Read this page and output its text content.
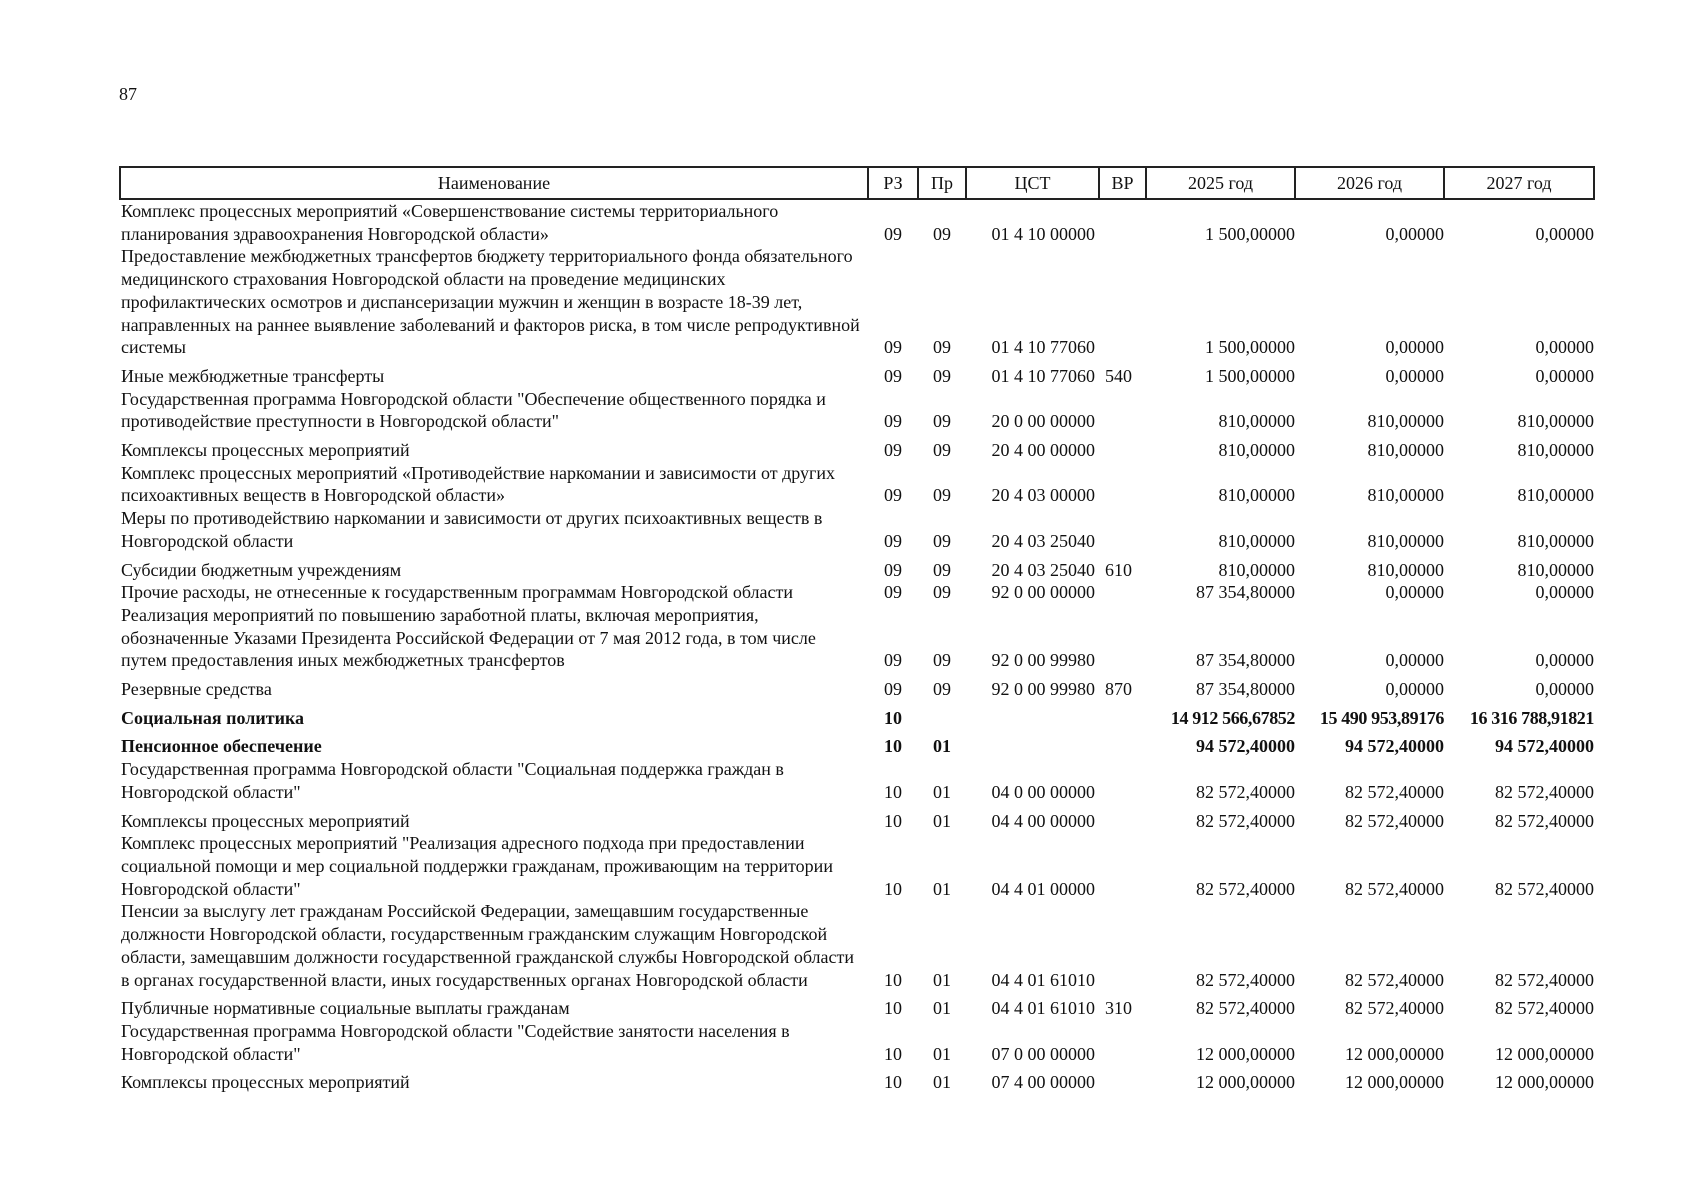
87
Наименование	РЗ	Пр	ЦСТ	ВР	2025 год	2026 год	2027 год
Комплекс процессных мероприятий «Совершенствование системы территориального планирования здравоохранения Новгородской области»	09	09	01 4 10 00000		1 500,00000	0,00000	0,00000
Предоставление межбюджетных трансфертов бюджету территориального фонда обязательного медицинского страхования Новгородской области на проведение медицинских профилактических осмотров и диспансеризации мужчин и женщин в возрасте 18-39 лет, направленных на раннее выявление заболеваний и факторов риска, в том числе репродуктивной системы	09	09	01 4 10 77060		1 500,00000	0,00000	0,00000
Иные межбюджетные трансферты	09	09	01 4 10 77060	540	1 500,00000	0,00000	0,00000
Государственная программа Новгородской области "Обеспечение общественного порядка и противодействие преступности в Новгородской области"	09	09	20 0 00 00000		810,00000	810,00000	810,00000
Комплексы процессных мероприятий	09	09	20 4 00 00000		810,00000	810,00000	810,00000
Комплекс процессных мероприятий «Противодействие наркомании и зависимости от других психоактивных веществ в Новгородской области»	09	09	20 4 03 00000		810,00000	810,00000	810,00000
Меры по противодействию наркомании и зависимости от других психоактивных веществ в Новгородской области	09	09	20 4 03 25040		810,00000	810,00000	810,00000
Субсидии бюджетным учреждениям	09	09	20 4 03 25040	610	810,00000	810,00000	810,00000
Прочие расходы, не отнесенные к государственным программам Новгородской области	09	09	92 0 00 00000		87 354,80000	0,00000	0,00000
Реализация мероприятий по повышению заработной платы, включая мероприятия, обозначенные Указами Президента Российской Федерации от 7 мая 2012 года, в том числе путем предоставления иных межбюджетных трансфертов	09	09	92 0 00 99980		87 354,80000	0,00000	0,00000
Резервные средства	09	09	92 0 00 99980	870	87 354,80000	0,00000	0,00000
Социальная политика	10				14 912 566,67852	15 490 953,89176	16 316 788,91821
Пенсионное обеспечение	10	01			94 572,40000	94 572,40000	94 572,40000
Государственная программа Новгородской области "Социальная поддержка граждан в Новгородской области"	10	01	04 0 00 00000		82 572,40000	82 572,40000	82 572,40000
Комплексы процессных мероприятий	10	01	04 4 00 00000		82 572,40000	82 572,40000	82 572,40000
Комплекс процессных мероприятий "Реализация адресного подхода при предоставлении социальной помощи и мер социальной поддержки гражданам, проживающим на территории Новгородской области"	10	01	04 4 01 00000		82 572,40000	82 572,40000	82 572,40000
Пенсии за выслугу лет гражданам Российской Федерации, замещавшим государственные должности Новгородской области, государственным гражданским служащим Новгородской области, замещавшим должности государственной гражданской службы Новгородской области в органах государственной власти, иных государственных органах Новгородской области	10	01	04 4 01 61010		82 572,40000	82 572,40000	82 572,40000
Публичные нормативные социальные выплаты гражданам	10	01	04 4 01 61010	310	82 572,40000	82 572,40000	82 572,40000
Государственная программа Новгородской области "Содействие занятости населения в Новгородской области"	10	01	07 0 00 00000		12 000,00000	12 000,00000	12 000,00000
Комплексы процессных мероприятий	10	01	07 4 00 00000		12 000,00000	12 000,00000	12 000,00000
